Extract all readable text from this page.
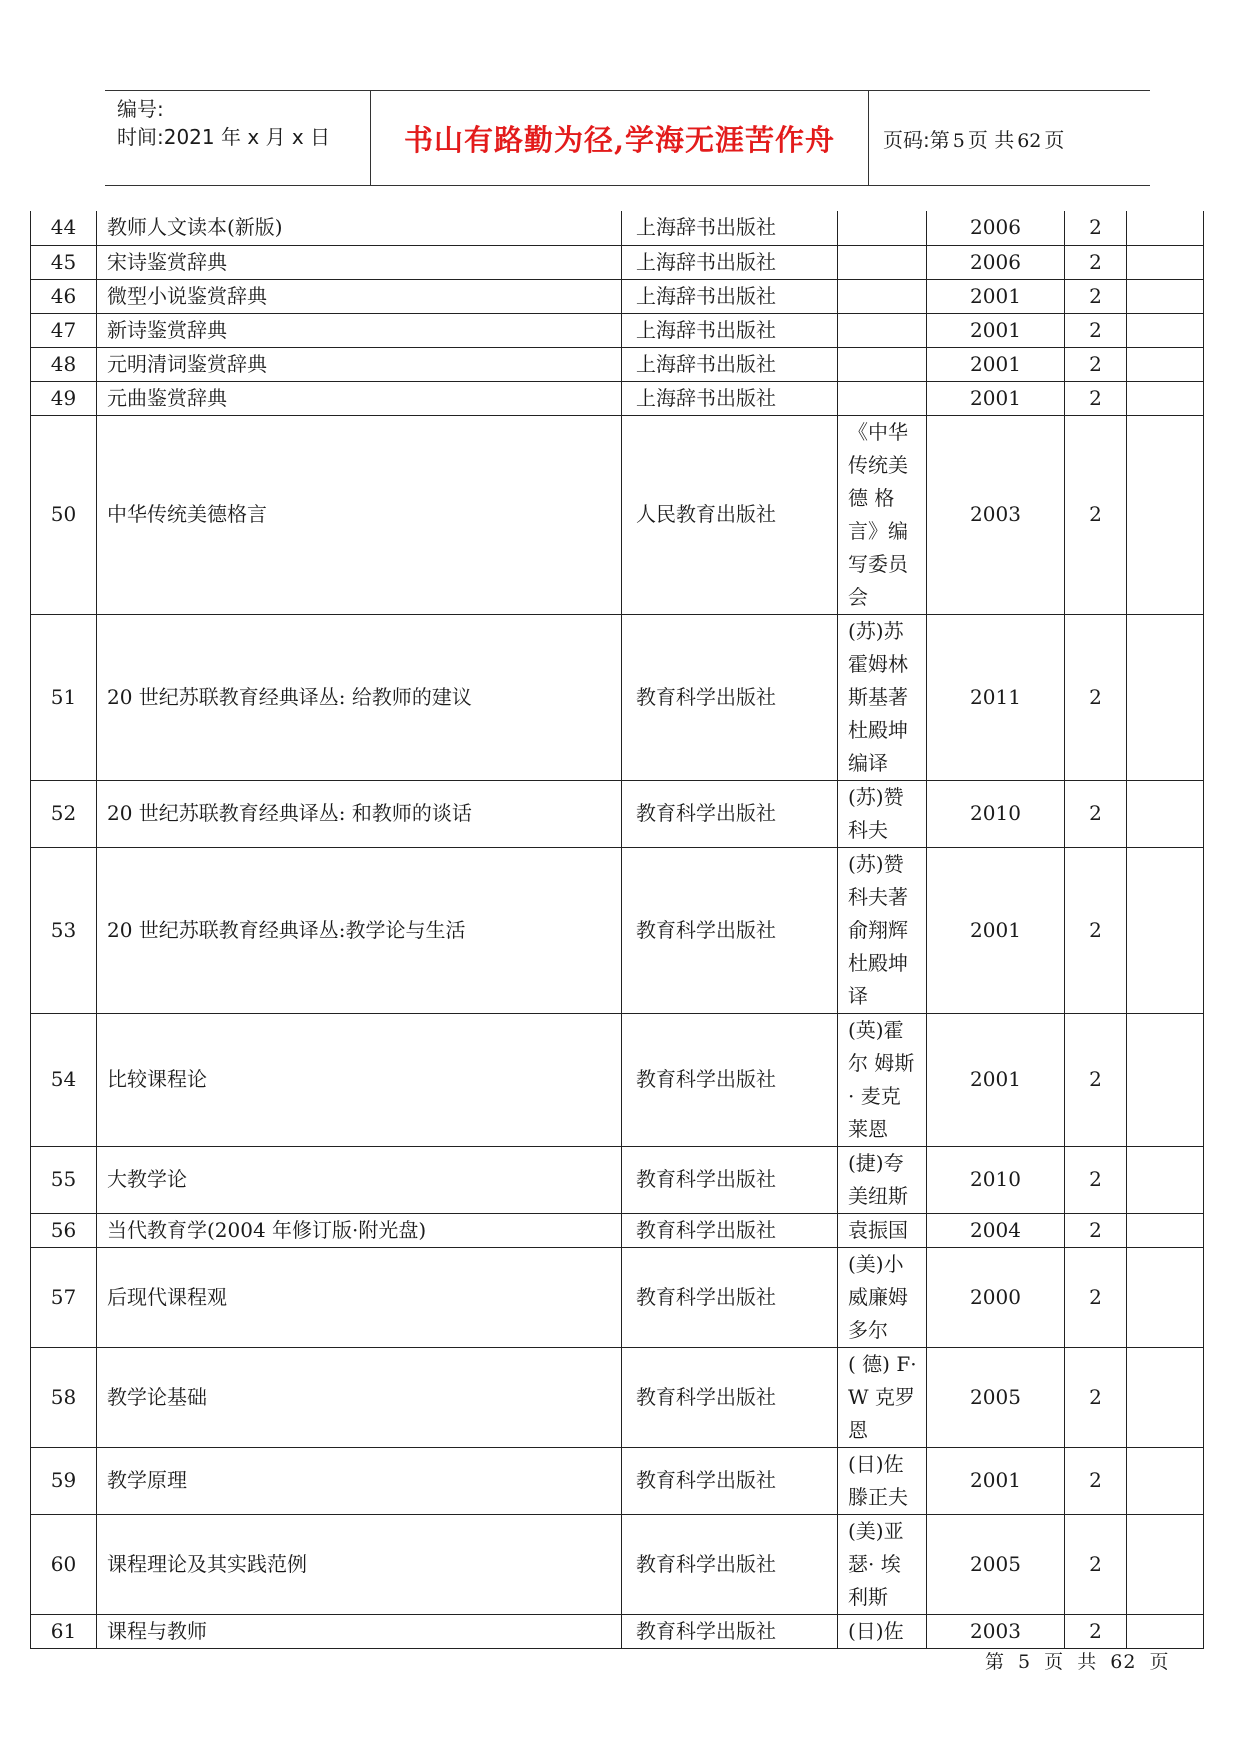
编号:
时间:2021 年 x 月 x 日	书山有路勤为径,学海无涯苦作舟 页码:第 5 页 共 62 页
44	教师人文读本(新版)	上海辞书出版社		2006	2	
45	宋诗鉴赏辞典	上海辞书出版社		2006	2	
46	微型小说鉴赏辞典	上海辞书出版社		2001	2	
47	新诗鉴赏辞典	上海辞书出版社		2001	2	
48	元明清词鉴赏辞典	上海辞书出版社		2001	2	
49	元曲鉴赏辞典	上海辞书出版社		2001	2	
50	中华传统美德格言	人民教育出版社	《中华传统美德 格言》编写委员会	2003	2	
51	20 世纪苏联教育经典译丛: 给教师的建议	教育科学出版社	(苏)苏霍姆林斯基著杜殿坤编译	2011	2	
52	20 世纪苏联教育经典译丛: 和教师的谈话	教育科学出版社	(苏)赞科夫	2010	2	
53	20 世纪苏联教育经典译丛:教学论与生活	教育科学出版社	(苏)赞科夫著俞翔辉杜殿坤译	2001	2	
54	比较课程论	教育科学出版社	(英)霍尔 姆斯· 麦克莱恩	2001	2	
55	大教学论	教育科学出版社	(捷)夸美纽斯	2010	2	
56	当代教育学(2004 年修订版·附光盘)	教育科学出版社	袁振国	2004	2	
57	后现代课程观	教育科学出版社	(美)小威廉姆多尔	2000	2	
58	教学论基础	教育科学出版社	( 德) F·W 克罗恩	2005	2	
59	教学原理	教育科学出版社	(日)佐滕正夫	2001	2	
60	课程理论及其实践范例	教育科学出版社	(美)亚瑟· 埃利斯	2005	2	
61	课程与教师	教育科学出版社	(日)佐	2003	2	
第 5 页 共 62 页
